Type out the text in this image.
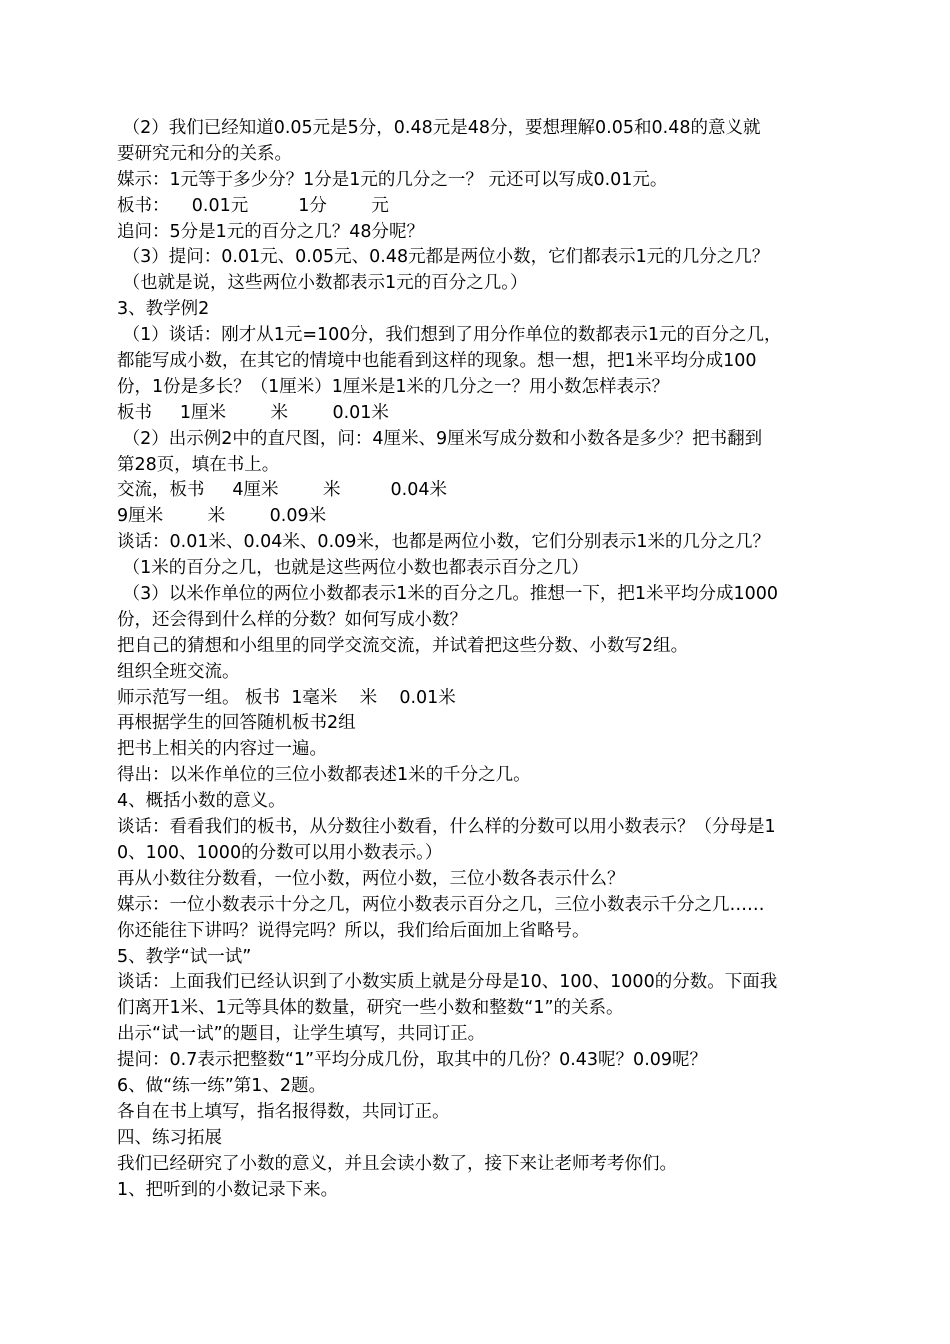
（2）我们已经知道0.05元是5分，0.48元是48分，要想理解0.05和0.48的意义就
要研究元和分的关系。
媒示：1元等于多少分？1分是1元的几分之一？ 元还可以写成0.01元。
板书：    0.01元         1分        元
追问：5分是1元的百分之几？48分呢？
（3）提问：0.01元、0.05元、0.48元都是两位小数，它们都表示1元的几分之几？
（也就是说，这些两位小数都表示1元的百分之几。）
3、教学例2
（1）谈话：刚才从1元=100分，我们想到了用分作单位的数都表示1元的百分之几，
都能写成小数，在其它的情境中也能看到这样的现象。想一想，把1米平均分成100
份，1份是多长？（1厘米）1厘米是1米的几分之一？用小数怎样表示？
板书     1厘米        米        0.01米
（2）出示例2中的直尺图，问：4厘米、9厘米写成分数和小数各是多少？把书翻到
第28页，填在书上。
交流，板书     4厘米        米         0.04米
9厘米        米        0.09米
谈话：0.01米、0.04米、0.09米，也都是两位小数，它们分别表示1米的几分之几？
（1米的百分之几，也就是这些两位小数也都表示百分之几）
（3）以米作单位的两位小数都表示1米的百分之几。推想一下，把1米平均分成1000
份，还会得到什么样的分数？如何写成小数？
把自己的猜想和小组里的同学交流交流，并试着把这些分数、小数写2组。
组织全班交流。
师示范写一组。 板书  1毫米    米    0.01米
再根据学生的回答随机板书2组
把书上相关的内容过一遍。
得出：以米作单位的三位小数都表述1米的千分之几。
4、概括小数的意义。
谈话：看看我们的板书，从分数往小数看，什么样的分数可以用小数表示？（分母是1
0、100、1000的分数可以用小数表示。）
再从小数往分数看，一位小数，两位小数，三位小数各表示什么？
媒示：一位小数表示十分之几，两位小数表示百分之几，三位小数表示千分之几……
你还能往下讲吗？说得完吗？所以，我们给后面加上省略号。
5、教学“试一试”
谈话：上面我们已经认识到了小数实质上就是分母是10、100、1000的分数。下面我
们离开1米、1元等具体的数量，研究一些小数和整数“1”的关系。
出示“试一试”的题目，让学生填写，共同订正。
提问：0.7表示把整数“1”平均分成几份，取其中的几份？0.43呢？0.09呢？
6、做“练一练”第1、2题。
各自在书上填写，指名报得数，共同订正。
四、练习拓展
我们已经研究了小数的意义，并且会读小数了，接下来让老师考考你们。
1、把听到的小数记录下来。
